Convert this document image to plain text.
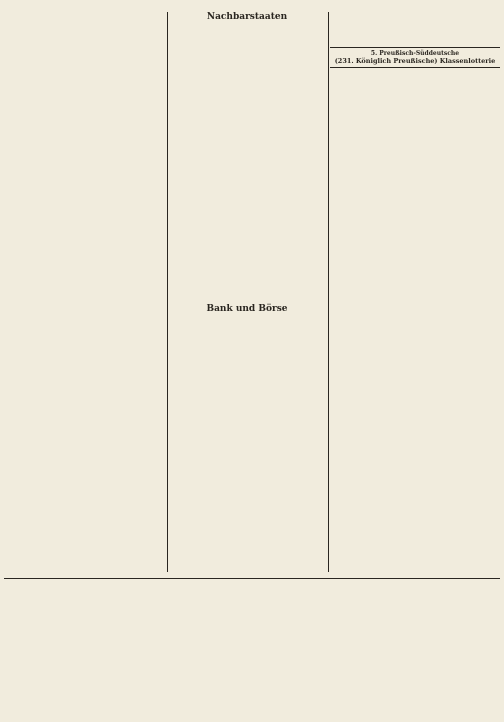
Nachbarstaaten

Bank und Börse

5. Preußisch-Süddeutsche
(231. Königlich Preußische) Klassenlotterie
